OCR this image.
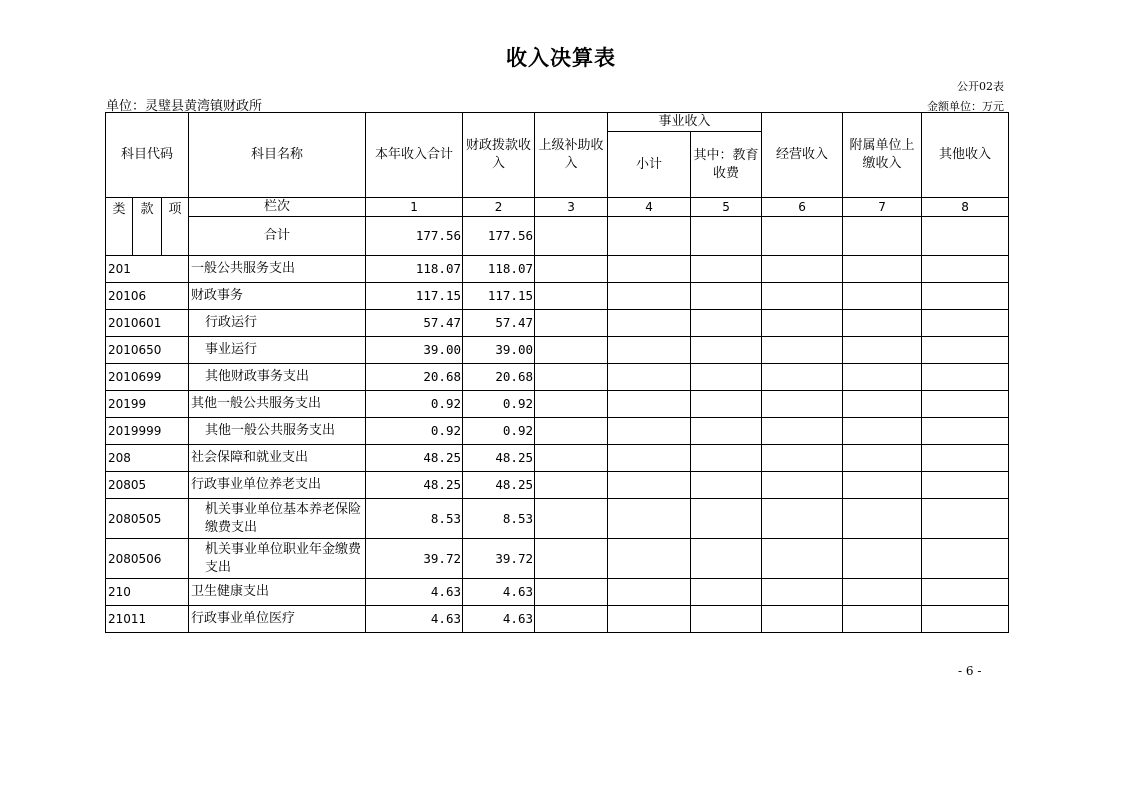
收入决算表
公开02表
单位：灵璧县黄湾镇财政所	金额单位：万元
科目代码			科目名称	本年收入合计	财政拨款收入	上级补助收入	事业收入		经营收入	附属单位上缴收入	其他收入
							小计	其中：教育收费			
类	款	项	栏次	1	2	3	4	5	6	7	8
			合计	177.56	177.56						
201			一般公共服务支出	118.07	118.07						
20106			财政事务	117.15	117.15						
2010601			行政运行	57.47	57.47						
2010650			事业运行	39.00	39.00						
2010699			其他财政事务支出	20.68	20.68						
20199			其他一般公共服务支出	0.92	0.92						
2019999			其他一般公共服务支出	0.92	0.92						
208			社会保障和就业支出	48.25	48.25						
20805			行政事业单位养老支出	48.25	48.25						
2080505			机关事业单位基本养老保险缴费支出	8.53	8.53						
2080506			机关事业单位职业年金缴费支出	39.72	39.72						
210			卫生健康支出	4.63	4.63						
21011			行政事业单位医疗	4.63	4.63						
- 6 -
